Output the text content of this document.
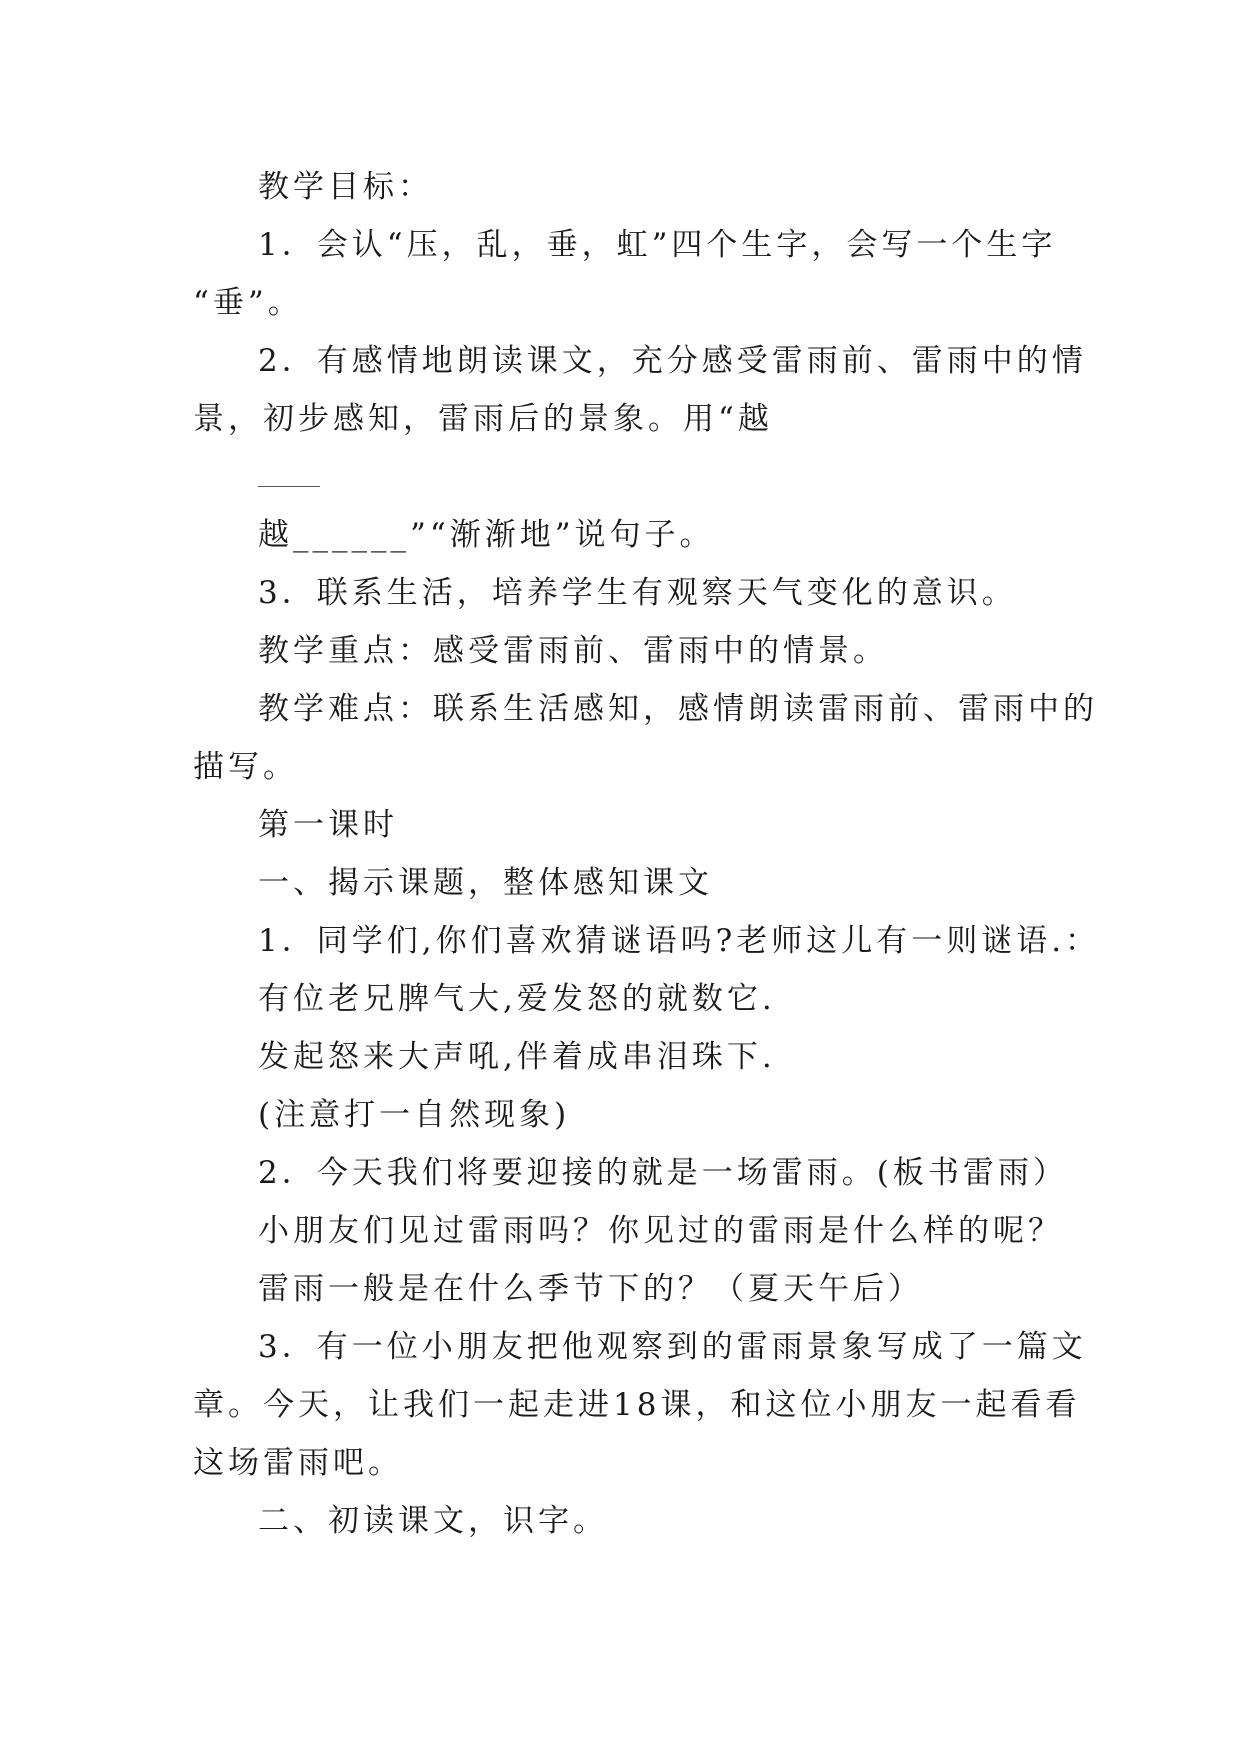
教学目标：
1．会认“压，乱，垂，虹”四个生字，会写一个生字
“垂”。
2．有感情地朗读课文，充分感受雷雨前、雷雨中的情
景，初步感知，雷雨后的景象。用“越
越______”“渐渐地”说句子。
3．联系生活，培养学生有观察天气变化的意识。
教学重点：感受雷雨前、雷雨中的情景。
教学难点：联系生活感知，感情朗读雷雨前、雷雨中的
描写。
第一课时
一、揭示课题，整体感知课文
1．同学们,你们喜欢猜谜语吗?老师这儿有一则谜语.：
有位老兄脾气大,爱发怒的就数它.
发起怒来大声吼,伴着成串泪珠下.
(注意打一自然现象)
2．今天我们将要迎接的就是一场雷雨。(板书雷雨）
小朋友们见过雷雨吗？你见过的雷雨是什么样的呢？
雷雨一般是在什么季节下的？（夏天午后）
3．有一位小朋友把他观察到的雷雨景象写成了一篇文
章。今天，让我们一起走进18课，和这位小朋友一起看看
这场雷雨吧。
二、初读课文，识字。
